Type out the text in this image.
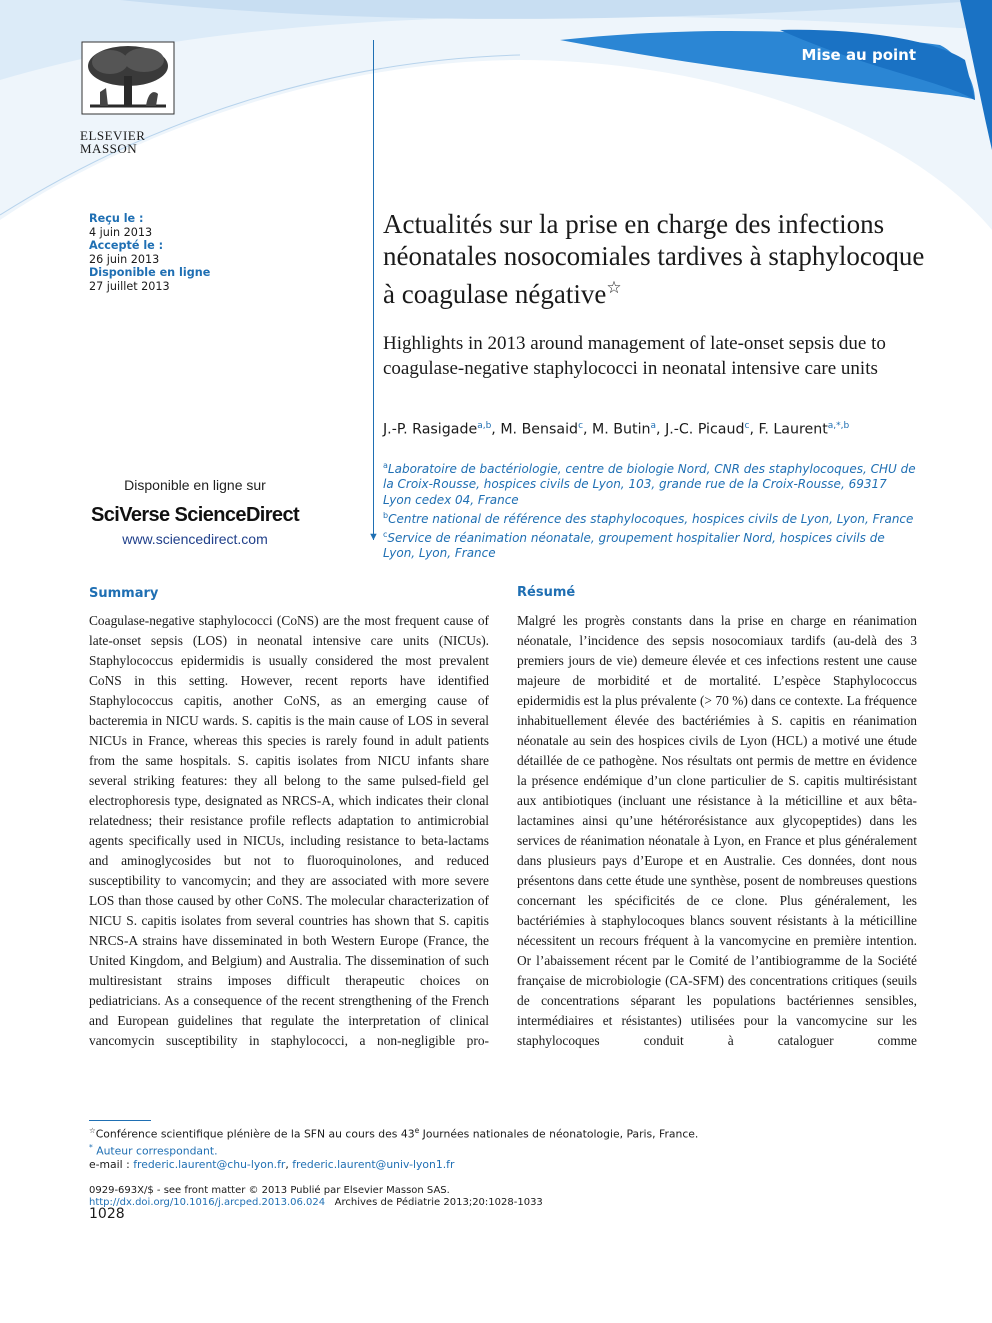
Mise au point
ELSEVIER
MASSON
▼
Reçu le :
4 juin 2013
Accepté le :
26 juin 2013
Disponible en ligne
27 juillet 2013
Disponible en ligne sur
SciVerse ScienceDirect
www.sciencedirect.com
Actualités sur la prise en charge des infections néonatales nosocomiales tardives à staphylocoque à coagulase négative☆
Highlights in 2013 around management of late-onset sepsis due to coagulase-negative staphylococci in neonatal intensive care units
J.-P. Rasigade$^{a,b}$, M. Bensaid$^c$, M. Butin$^a$, J.-C. Picaud$^c$, F. Laurent$^{a,*,b}$
$^a$Laboratoire de bactériologie, centre de biologie Nord, CNR des staphylocoques, CHU de la Croix-Rousse, hospices civils de Lyon, 103, grande rue de la Croix-Rousse, 69317 Lyon cedex 04, France
$^b$Centre national de référence des staphylocoques, hospices civils de Lyon, Lyon, France
$^c$Service de réanimation néonatale, groupement hospitalier Nord, hospices civils de Lyon, Lyon, France
Summary
Coagulase-negative staphylococci (CoNS) are the most frequent cause of late-onset sepsis (LOS) in neonatal intensive care units (NICUs). Staphylococcus epidermidis is usually considered the most prevalent CoNS in this setting. However, recent reports have identified Staphylococcus capitis, another CoNS, as an emerging cause of bacteremia in NICU wards. S. capitis is the main cause of LOS in several NICUs in France, whereas this species is rarely found in adult patients from the same hospitals. S. capitis isolates from NICU infants share several striking features: they all belong to the same pulsed-field gel electrophoresis type, designated as NRCS-A, which indicates their clonal relatedness; their resistance profile reflects adaptation to antimicrobial agents specifically used in NICUs, including resistance to beta-lactams and aminoglycosides but not to fluoroquinolones, and reduced susceptibility to vancomycin; and they are associated with more severe LOS than those caused by other CoNS. The molecular characterization of NICU S. capitis isolates from several countries has shown that S. capitis NRCS-A strains have disseminated in both Western Europe (France, the United Kingdom, and Belgium) and Australia. The dissemination of such multiresistant strains imposes difficult therapeutic choices on pediatricians. As a consequence of the recent strengthening of the French and European guidelines that regulate the interpretation of clinical vancomycin susceptibility in staphylococci, a non-negligible pro-
Résumé
Malgré les progrès constants dans la prise en charge en réanimation néonatale, l’incidence des sepsis nosocomiaux tardifs (au-delà des 3 premiers jours de vie) demeure élevée et ces infections restent une cause majeure de morbidité et de mortalité. L’espèce Staphylococcus epidermidis est la plus prévalente (> 70 %) dans ce contexte. La fréquence inhabituellement élevée des bactériémies à S. capitis en réanimation néonatale au sein des hospices civils de Lyon (HCL) a motivé une étude détaillée de ce pathogène. Nos résultats ont permis de mettre en évidence la présence endémique d’un clone particulier de S. capitis multirésistant aux antibiotiques (incluant une résistance à la méticilline et aux bêta-lactamines ainsi qu’une hétérorésistance aux glycopeptides) dans les services de réanimation néonatale à Lyon, en France et plus généralement dans plusieurs pays d’Europe et en Australie. Ces données, dont nous présentons dans cette étude une synthèse, posent de nombreuses questions concernant les spécificités de ce clone. Plus généralement, les bactériémies à staphylocoques blancs souvent résistants à la méticilline nécessitent un recours fréquent à la vancomycine en première intention. Or l’abaissement récent par le Comité de l’antibiogramme de la Société française de microbiologie (CA-SFM) des concentrations critiques (seuils de concentrations séparant les populations bactériennes sensibles, intermédiaires et résistantes) utilisées pour la vancomycine sur les staphylocoques conduit à cataloguer comme
☆Conférence scientifique plénière de la SFN au cours des 43e Journées nationales de néonatologie, Paris, France.
* Auteur correspondant.
e-mail : frederic.laurent@chu-lyon.fr, frederic.laurent@univ-lyon1.fr
0929-693X/$ - see front matter © 2013 Publié par Elsevier Masson SAS.
http://dx.doi.org/10.1016/j.arcped.2013.06.024 Archives de Pédiatrie 2013;20:1028-1033
1028
